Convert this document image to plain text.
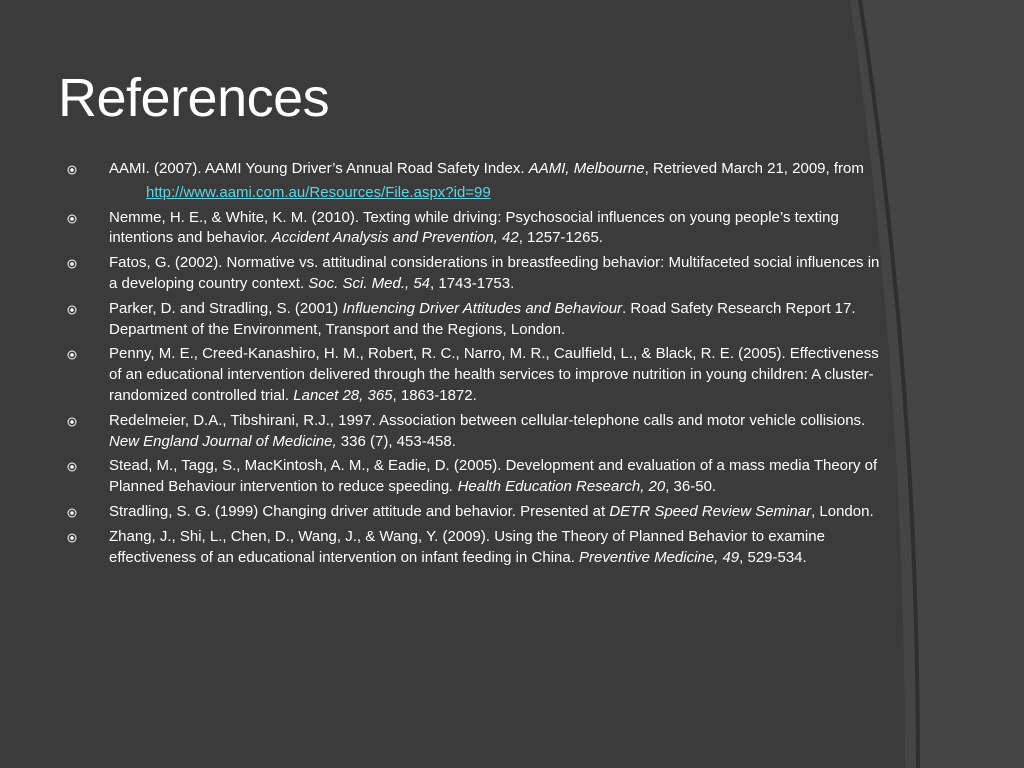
References
AAMI. (2007). AAMI Young Driver’s Annual Road Safety Index. AAMI, Melbourne, Retrieved March 21, 2009, from
http://www.aami.com.au/Resources/File.aspx?id=99
Nemme, H. E., & White, K. M. (2010). Texting while driving: Psychosocial influences on young people’s texting intentions and behavior. Accident Analysis and Prevention, 42, 1257-1265.
Fatos, G. (2002). Normative vs. attitudinal considerations in breastfeeding behavior: Multifaceted social influences in a developing country context. Soc. Sci. Med., 54, 1743-1753.
Parker, D. and Stradling, S. (2001) Influencing Driver Attitudes and Behaviour. Road Safety Research Report 17. Department of the Environment, Transport and the Regions, London.
Penny, M. E., Creed-Kanashiro, H. M., Robert, R. C., Narro, M. R., Caulfield, L., & Black, R. E. (2005). Effectiveness of an educational intervention delivered through the health services to improve nutrition in young children: A cluster-randomized controlled trial. Lancet 28, 365, 1863-1872.
Redelmeier, D.A., Tibshirani, R.J., 1997. Association between cellular-telephone calls and motor vehicle collisions. New England Journal of Medicine, 336 (7), 453-458.
Stead, M., Tagg, S., MacKintosh, A. M., & Eadie, D. (2005). Development and evaluation of a mass media Theory of Planned Behaviour intervention to reduce speeding. Health Education Research, 20, 36-50.
Stradling, S. G. (1999) Changing driver attitude and behavior. Presented at DETR Speed Review Seminar, London.
Zhang, J., Shi, L., Chen, D., Wang, J., & Wang, Y. (2009). Using the Theory of Planned Behavior to examine effectiveness of an educational intervention on infant feeding in China. Preventive Medicine, 49, 529-534.
